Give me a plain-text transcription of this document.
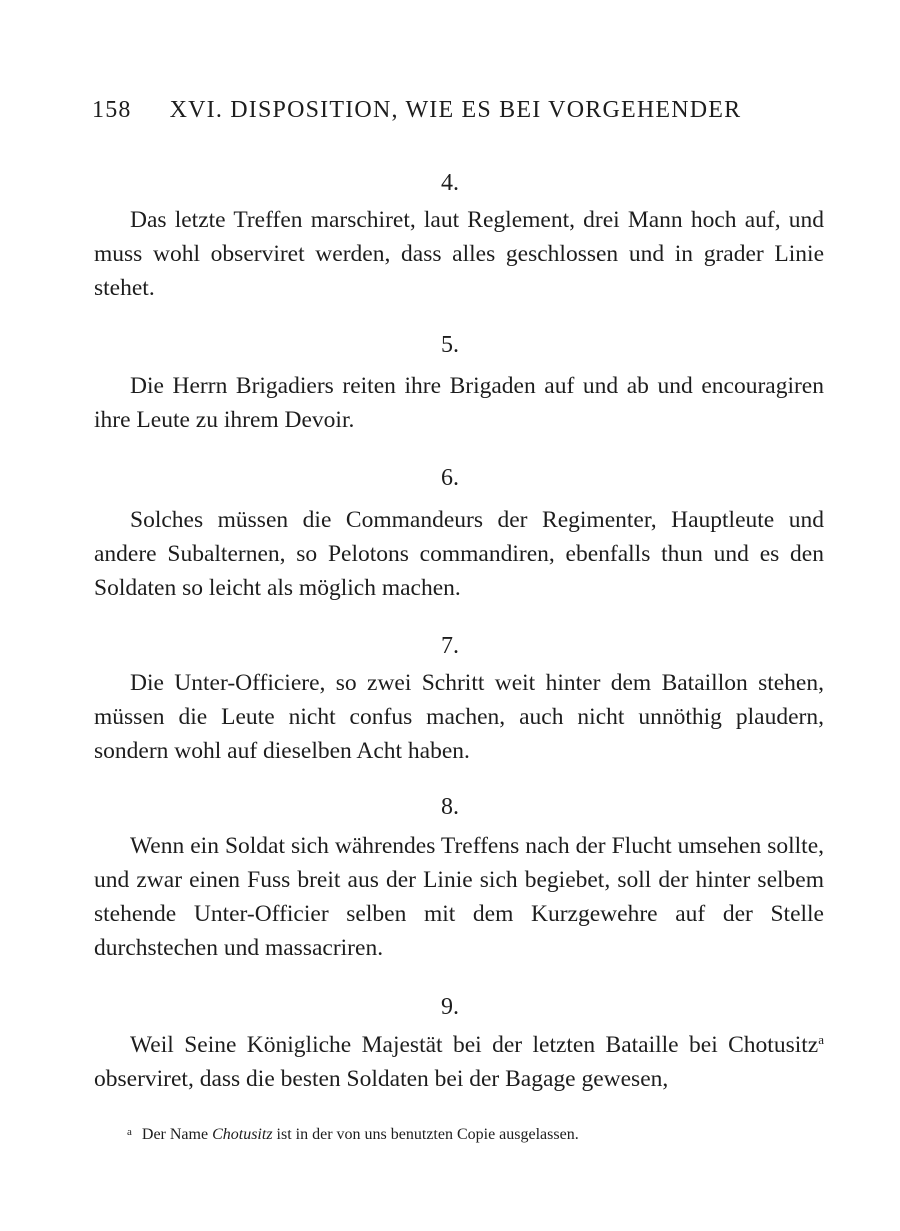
158 XVI. DISPOSITION, WIE ES BEI VORGEHENDER
4.

Das letzte Treffen marschiret, laut Reglement, drei Mann hoch auf, und muss wohl observiret werden, dass alles geschlossen und in grader Linie stehet.

5.

Die Herrn Brigadiers reiten ihre Brigaden auf und ab und encouragiren ihre Leute zu ihrem Devoir.

6.

Solches müssen die Commandeurs der Regimenter, Hauptleute und andere Subalternen, so Pelotons commandiren, ebenfalls thun und es den Soldaten so leicht als möglich machen.

7.

Die Unter-Officiere, so zwei Schritt weit hinter dem Bataillon stehen, müssen die Leute nicht confus machen, auch nicht unnöthig plaudern, sondern wohl auf dieselben Acht haben.

8.

Wenn ein Soldat sich währendes Treffens nach der Flucht umsehen sollte, und zwar einen Fuss breit aus der Linie sich begiebet, soll der hinter selbem stehende Unter-Officier selben mit dem Kurzgewehre auf der Stelle durchstechen und massacriren.

9.

Weil Seine Königliche Majestät bei der letzten Bataille bei Chotusitz$^a$ observiret, dass die besten Soldaten bei der Bagage gewesen,

$^a$ Der Name Chotusitz ist in der von uns benutzten Copie ausgelassen.
